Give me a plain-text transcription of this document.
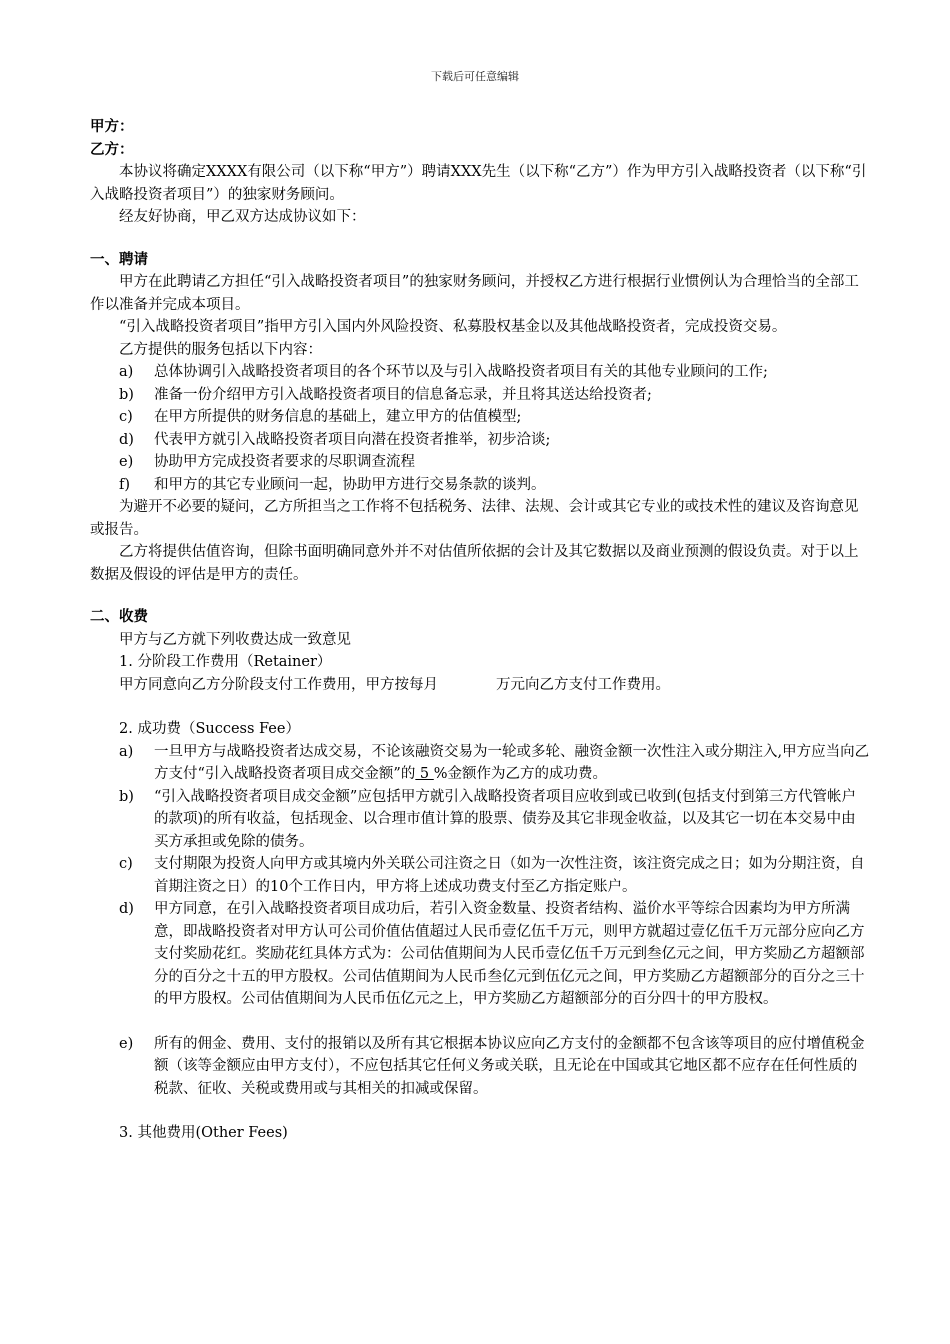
下载后可任意编辑
甲方：
乙方：

本协议将确定XXXX有限公司（以下称“甲方”）聘请XXX先生（以下称“乙方”）作为甲方引入战略投资者（以下称“引入战略投资者项目”）的独家财务顾问。

经友好协商，甲乙双方达成协议如下：

一、聘请

甲方在此聘请乙方担任“引入战略投资者项目”的独家财务顾问，并授权乙方进行根据行业惯例认为合理恰当的全部工作以准备并完成本项目。

“引入战略投资者项目”指甲方引入国内外风险投资、私募股权基金以及其他战略投资者，完成投资交易。

乙方提供的服务包括以下内容：

a)	总体协调引入战略投资者项目的各个环节以及与引入战略投资者项目有关的其他专业顾问的工作;
b)	准备一份介绍甲方引入战略投资者项目的信息备忘录，并且将其送达给投资者;
c)	在甲方所提供的财务信息的基础上，建立甲方的估值模型;
d)	代表甲方就引入战略投资者项目向潜在投资者推举，初步洽谈;
e)	协助甲方完成投资者要求的尽职调查流程
f)	和甲方的其它专业顾问一起，协助甲方进行交易条款的谈判。

为避开不必要的疑问，乙方所担当之工作将不包括税务、法律、法规、会计或其它专业的或技术性的建议及咨询意见或报告。

乙方将提供估值咨询，但除书面明确同意外并不对估值所依据的会计及其它数据以及商业预测的假设负责。对于以上数据及假设的评估是甲方的责任。

二、收费

甲方与乙方就下列收费达成一致意见

1. 分阶段工作费用（Retainer）

甲方同意向乙方分阶段支付工作费用，甲方按每月	万元向乙方支付工作费用。

2. 成功费（Success Fee）

a)	一旦甲方与战略投资者达成交易，不论该融资交易为一轮或多轮、融资金额一次性注入或分期注入,甲方应当向乙方支付“引入战略投资者项目成交金额”的 5 %金额作为乙方的成功费。
b)	“引入战略投资者项目成交金额”应包括甲方就引入战略投资者项目应收到或已收到(包括支付到第三方代管帐户的款项)的所有收益，包括现金、以合理市值计算的股票、债券及其它非现金收益，以及其它一切在本交易中由买方承担或免除的债务。
c)	支付期限为投资人向甲方或其境内外关联公司注资之日（如为一次性注资，该注资完成之日；如为分期注资，自首期注资之日）的10个工作日内，甲方将上述成功费支付至乙方指定账户。
d)	甲方同意，在引入战略投资者项目成功后，若引入资金数量、投资者结构、溢价水平等综合因素均为甲方所满意，即战略投资者对甲方认可公司价值估值超过人民币壹亿伍千万元，则甲方就超过壹亿伍千万元部分应向乙方支付奖励花红。奖励花红具体方式为：公司估值期间为人民币壹亿伍千万元到叁亿元之间，甲方奖励乙方超额部分的百分之十五的甲方股权。公司估值期间为人民币叁亿元到伍亿元之间，甲方奖励乙方超额部分的百分之三十的甲方股权。公司估值期间为人民币伍亿元之上，甲方奖励乙方超额部分的百分四十的甲方股权。
e)	所有的佣金、费用、支付的报销以及所有其它根据本协议应向乙方支付的金额都不包含该等项目的应付增值税金额（该等金额应由甲方支付），不应包括其它任何义务或关联，且无论在中国或其它地区都不应存在任何性质的税款、征收、关税或费用或与其相关的扣减或保留。

3. 其他费用(Other Fees)
